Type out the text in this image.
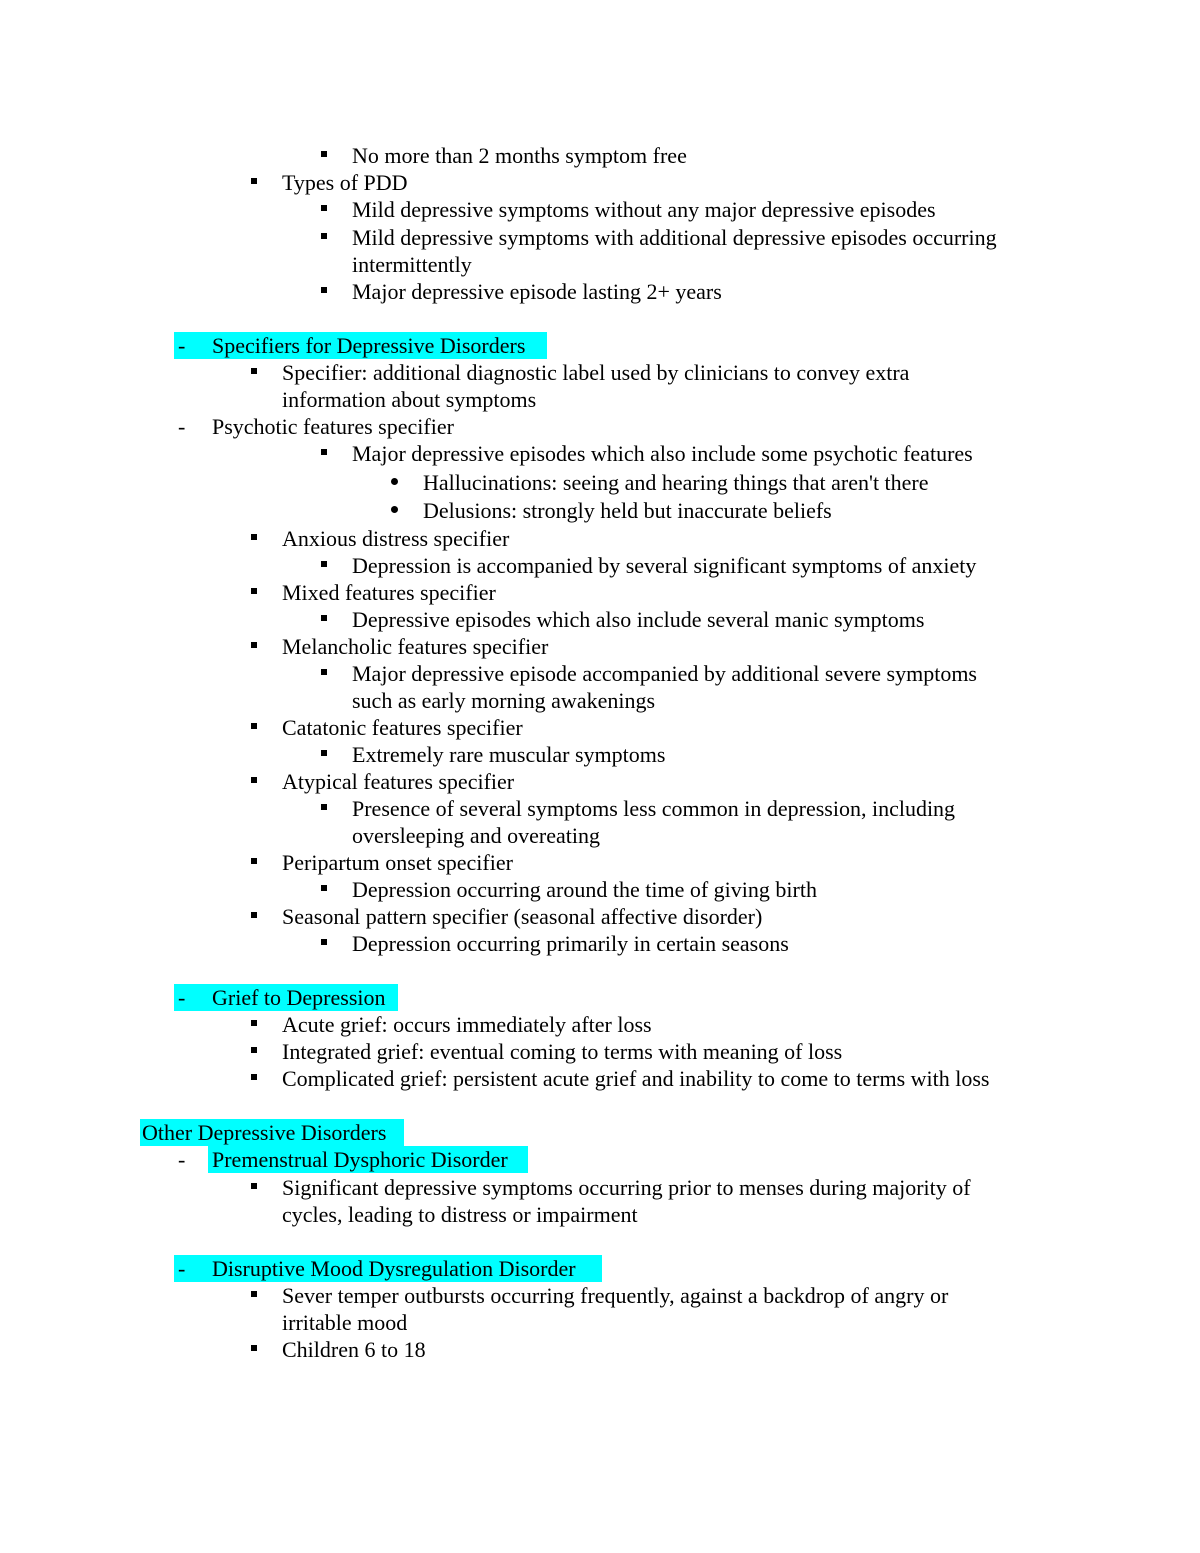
No more than 2 months symptom free
Types of PDD
Mild depressive symptoms without any major depressive episodes
Mild depressive symptoms with additional depressive episodes occurring
intermittently
Major depressive episode lasting 2+ years
- Specifiers for Depressive Disorders
Specifier: additional diagnostic label used by clinicians to convey extra
information about symptoms
- Psychotic features specifier
Major depressive episodes which also include some psychotic features
Hallucinations: seeing and hearing things that aren't there
Delusions: strongly held but inaccurate beliefs
Anxious distress specifier
Depression is accompanied by several significant symptoms of anxiety
Mixed features specifier
Depressive episodes which also include several manic symptoms
Melancholic features specifier
Major depressive episode accompanied by additional severe symptoms
such as early morning awakenings
Catatonic features specifier
Extremely rare muscular symptoms
Atypical features specifier
Presence of several symptoms less common in depression, including
oversleeping and overeating
Peripartum onset specifier
Depression occurring around the time of giving birth
Seasonal pattern specifier (seasonal affective disorder)
Depression occurring primarily in certain seasons
- Grief to Depression
Acute grief: occurs immediately after loss
Integrated grief: eventual coming to terms with meaning of loss
Complicated grief: persistent acute grief and inability to come to terms with loss
Other Depressive Disorders
- Premenstrual Dysphoric Disorder
Significant depressive symptoms occurring prior to menses during majority of
cycles, leading to distress or impairment
- Disruptive Mood Dysregulation Disorder
Sever temper outbursts occurring frequently, against a backdrop of angry or
irritable mood
Children 6 to 18
